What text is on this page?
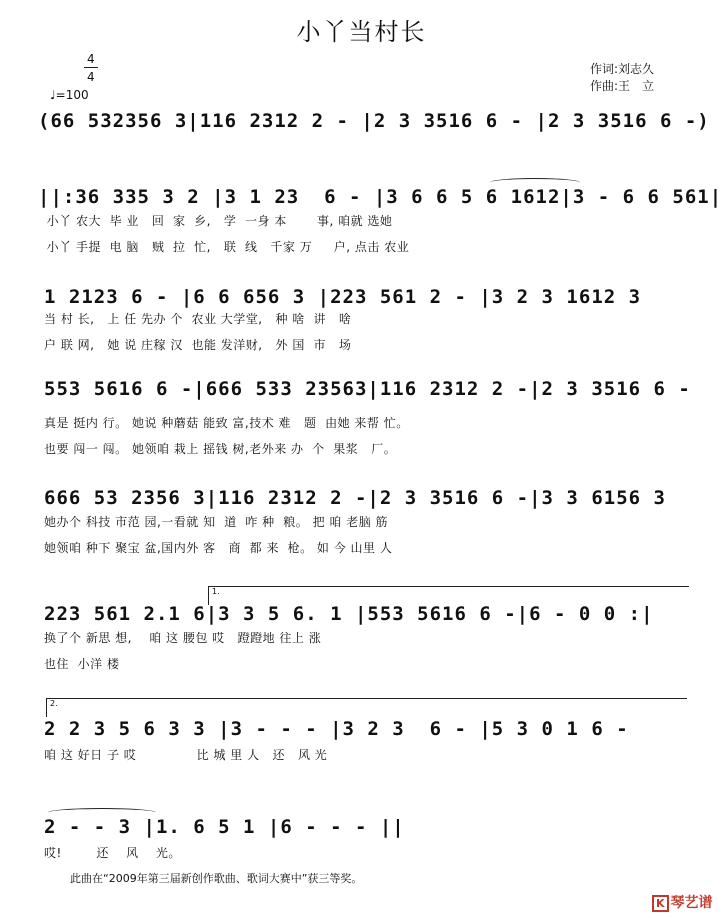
小丫当村长
4
4
♩=100
作词:刘志久
作曲:王　立
(66 532356 3|116 2312 2 - |2 3 3516 6 - |2 3 3516 6 -)
||:36 335 3 2 |3 1 23  6 - |3 6 6 5 6 1612|3 - 6 6 561|
小丫 农大  毕 业   回  家  乡,   学  一身 本       事, 咱就 选她
小丫 手提  电 脑   贼  拉  忙,   联  线   千家 万     户, 点击 农业
1 2123 6 - |6 6 656 3 |223 561 2 - |3 2 3 1612 3
当 村 长,   上 任 先办 个  农业 大学堂,   种 啥  讲   啥
户 联 网,   她 说 庄稼 汉  也能 发洋财,   外 国  市   场
553 5616 6 -|666 533 23563|116 2312 2 -|2 3 3516 6 -
真是 挺内 行。 她说 种蘑菇 能致 富,技术 难   题  由她 来帮 忙。
也要 闯一 闯。 她领咱 栽上 摇钱 树,老外来 办  个  果浆   厂。
666 53 2356 3|116 2312 2 -|2 3 3516 6 -|3 3 6156 3
她办个 科技 市范 园,一看就 知  道  咋 种  粮。 把 咱 老脑 筋
她领咱 种下 聚宝 盆,国内外 客   商  都 来  枪。 如 今 山里 人
1.
223 561 2.1 6|3 3 5 6. 1 |553 5616 6 -|6 - 0 0 :|
换了个 新思 想,    咱 这 腰包 哎   蹬蹬地 往上 涨
也住  小洋 楼
2.
2 2 3 5 6 3 3 |3 - - - |3 2 3  6 - |5 3 0 1 6 -
咱 这 好日 子 哎              比 城 里 人   还   风 光
2 - - 3 |1. 6 5 1 |6 - - - ||
哎!        还    风    光。
此曲在“2009年第三届新创作歌曲、歌词大赛中”获三等奖。
K 琴艺谱
